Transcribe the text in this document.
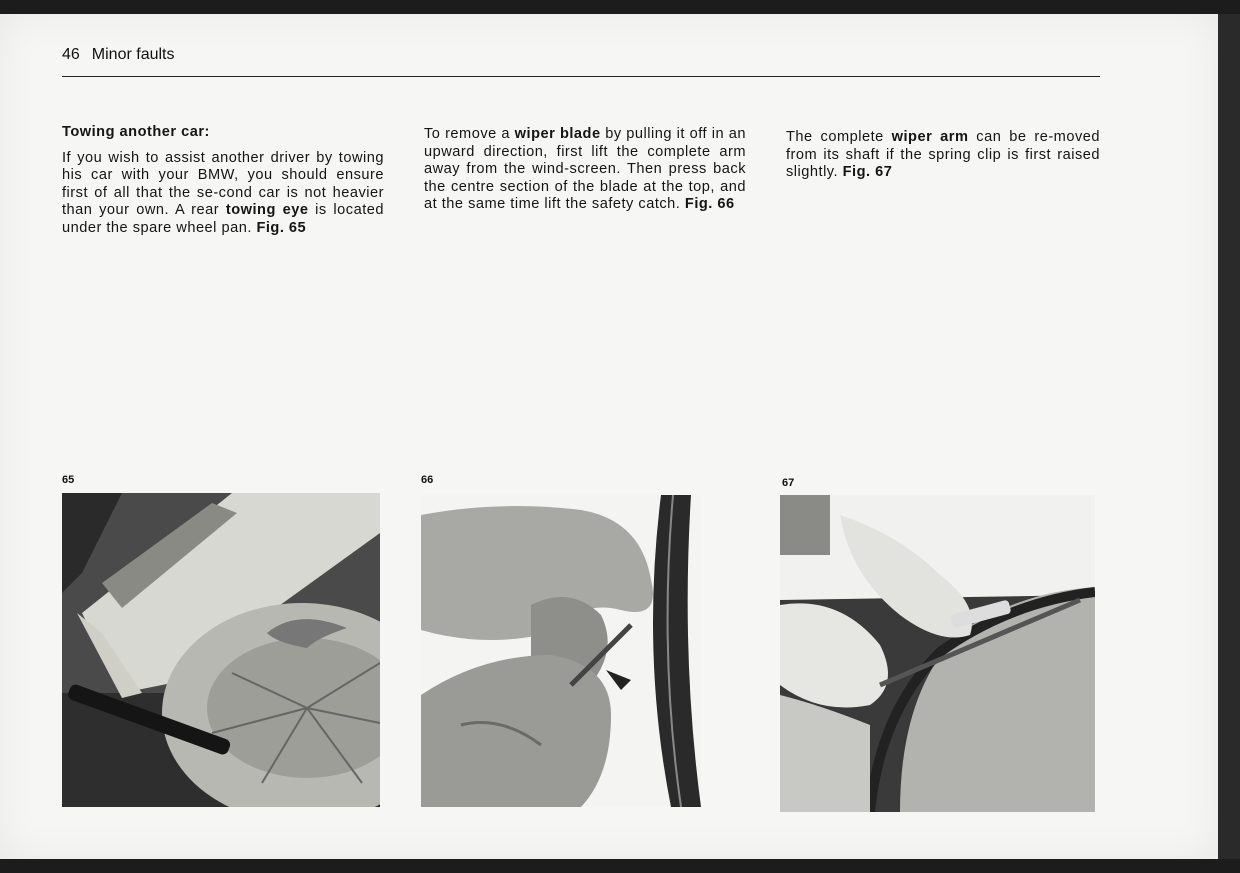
46 Minor faults
Towing another car:

If you wish to assist another driver by towing his car with your BMW, you should ensure first of all that the se-cond car is not heavier than your own. A rear towing eye is located under the spare wheel pan. Fig. 65

To remove a wiper blade by pulling it off in an upward direction, first lift the complete arm away from the wind-screen. Then press back the centre section of the blade at the top, and at the same time lift the safety catch. Fig. 66

The complete wiper arm can be re-moved from its shaft if the spring clip is first raised slightly. Fig. 67

65	66	67
